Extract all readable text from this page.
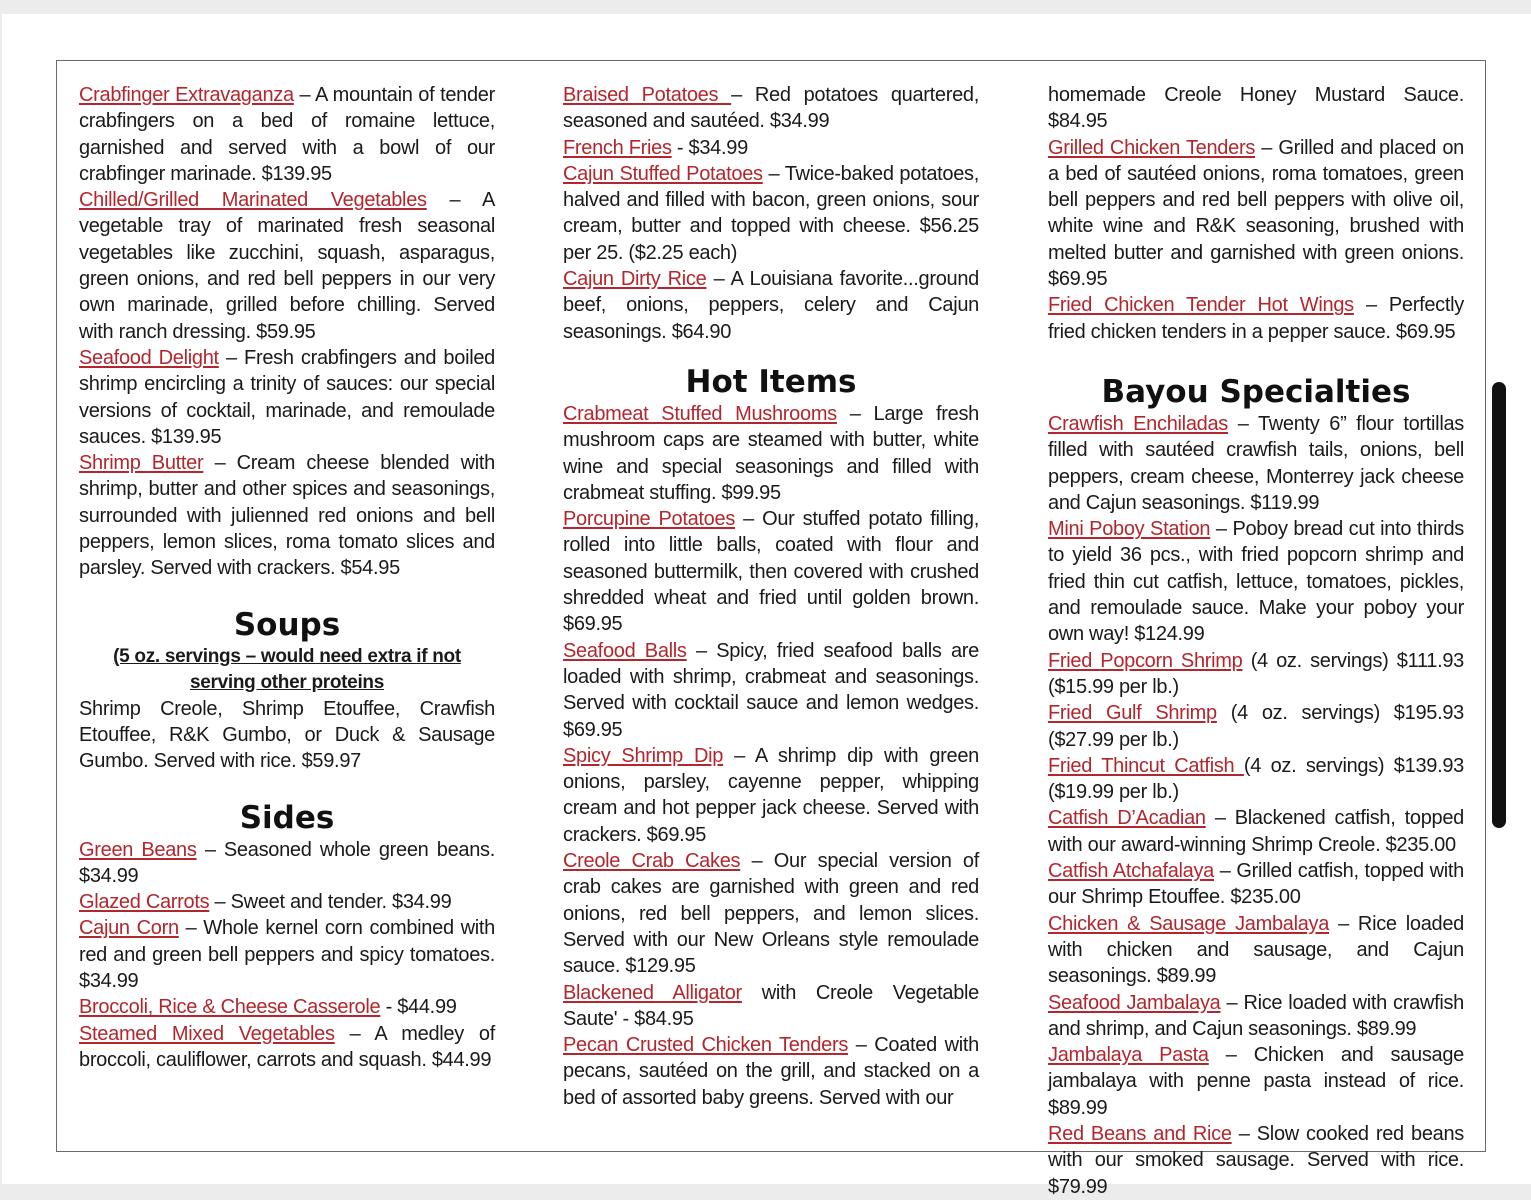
Crabfinger Extravaganza – A mountain of tender crabfingers on a bed of romaine lettuce, garnished and served with a bowl of our crabfinger marinade. $139.95

Chilled/Grilled Marinated Vegetables – A vegetable tray of marinated fresh seasonal vegetables like zucchini, squash, asparagus, green onions, and red bell peppers in our very own marinade, grilled before chilling. Served with ranch dressing. $59.95

Seafood Delight – Fresh crabfingers and boiled shrimp encircling a trinity of sauces: our special versions of cocktail, marinade, and remoulade sauces. $139.95

Shrimp Butter – Cream cheese blended with shrimp, butter and other spices and seasonings, surrounded with julienned red onions and bell peppers, lemon slices, roma tomato slices and parsley. Served with crackers. $54.95

Soups

(5 oz. servings – would need extra if not serving other proteins

Shrimp Creole, Shrimp Etouffee, Crawfish Etouffee, R&K Gumbo, or Duck & Sausage Gumbo. Served with rice. $59.97

Sides

Green Beans – Seasoned whole green beans. $34.99

Glazed Carrots – Sweet and tender. $34.99

Cajun Corn – Whole kernel corn combined with red and green bell peppers and spicy tomatoes. $34.99

Broccoli, Rice & Cheese Casserole - $44.99

Steamed Mixed Vegetables – A medley of broccoli, cauliflower, carrots and squash. $44.99

Braised Potatoes – Red potatoes quartered, seasoned and sautéed. $34.99

French Fries - $34.99

Cajun Stuffed Potatoes – Twice-baked potatoes, halved and filled with bacon, green onions, sour cream, butter and topped with cheese. $56.25 per 25. ($2.25 each)

Cajun Dirty Rice – A Louisiana favorite...ground beef, onions, peppers, celery and Cajun seasonings. $64.90

Hot Items

Crabmeat Stuffed Mushrooms – Large fresh mushroom caps are steamed with butter, white wine and special seasonings and filled with crabmeat stuffing. $99.95

Porcupine Potatoes – Our stuffed potato filling, rolled into little balls, coated with flour and seasoned buttermilk, then covered with crushed shredded wheat and fried until golden brown. $69.95

Seafood Balls – Spicy, fried seafood balls are loaded with shrimp, crabmeat and seasonings. Served with cocktail sauce and lemon wedges. $69.95

Spicy Shrimp Dip – A shrimp dip with green onions, parsley, cayenne pepper, whipping cream and hot pepper jack cheese. Served with crackers. $69.95

Creole Crab Cakes – Our special version of crab cakes are garnished with green and red onions, red bell peppers, and lemon slices. Served with our New Orleans style remoulade sauce. $129.95

Blackened Alligator with Creole Vegetable Saute' - $84.95

Pecan Crusted Chicken Tenders – Coated with pecans, sautéed on the grill, and stacked on a bed of assorted baby greens. Served with our

homemade Creole Honey Mustard Sauce. $84.95

Grilled Chicken Tenders – Grilled and placed on a bed of sautéed onions, roma tomatoes, green bell peppers and red bell peppers with olive oil, white wine and R&K seasoning, brushed with melted butter and garnished with green onions. $69.95

Fried Chicken Tender Hot Wings – Perfectly fried chicken tenders in a pepper sauce. $69.95

Bayou Specialties

Crawfish Enchiladas – Twenty 6” flour tortillas filled with sautéed crawfish tails, onions, bell peppers, cream cheese, Monterrey jack cheese and Cajun seasonings. $119.99

Mini Poboy Station – Poboy bread cut into thirds to yield 36 pcs., with fried popcorn shrimp and fried thin cut catfish, lettuce, tomatoes, pickles, and remoulade sauce. Make your poboy your own way! $124.99

Fried Popcorn Shrimp (4 oz. servings) $111.93 ($15.99 per lb.)

Fried Gulf Shrimp (4 oz. servings) $195.93 ($27.99 per lb.)

Fried Thincut Catfish (4 oz. servings) $139.93 ($19.99 per lb.)

Catfish D’Acadian – Blackened catfish, topped with our award-winning Shrimp Creole. $235.00

Catfish Atchafalaya – Grilled catfish, topped with our Shrimp Etouffee. $235.00

Chicken & Sausage Jambalaya – Rice loaded with chicken and sausage, and Cajun seasonings. $89.99

Seafood Jambalaya – Rice loaded with crawfish and shrimp, and Cajun seasonings. $89.99

Jambalaya Pasta – Chicken and sausage jambalaya with penne pasta instead of rice. $89.99

Red Beans and Rice – Slow cooked red beans with our smoked sausage. Served with rice. $79.99
